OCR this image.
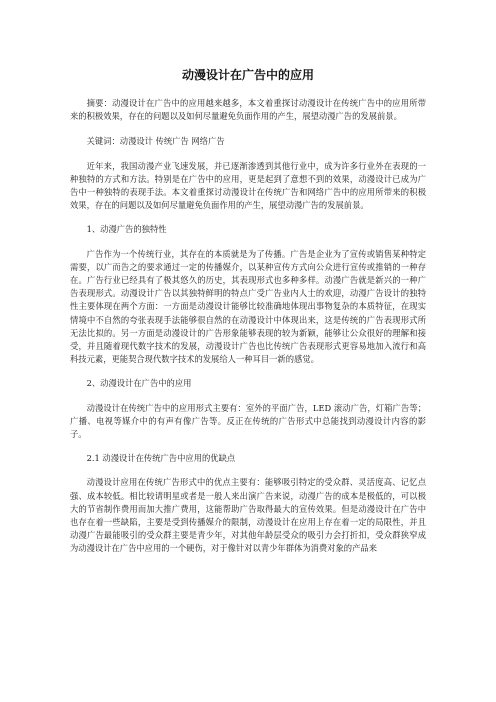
动漫设计在广告中的应用

摘要：动漫设计在广告中的应用越来越多，本文着重探讨动漫设计在传统广告中的应用所带来的积极效果，存在的问题以及如何尽量避免负面作用的产生，展望动漫广告的发展前景。

关键词：动漫设计 传统广告 网络广告

近年来，我国动漫产业飞速发展，并已逐渐渗透到其他行业中，成为许多行业外在表现的一种独特的方式和方法。特别是在广告中的应用，更是起到了意想不到的效果，动漫设计已成为广告中一种独特的表现手法。本文着重探讨动漫设计在传统广告和网络广告中的应用所带来的积极效果，存在的问题以及如何尽量避免负面作用的产生，展望动漫广告的发展前景。

1、动漫广告的独特性

广告作为一个传统行业，其存在的本质就是为了传播。广告是企业为了宣传或销售某种特定需要，以广而告之的要求通过一定的传播媒介，以某种宣传方式向公众进行宣传或推销的一种存在。广告行业已经具有了极其悠久的历史，其表现形式也多种多样。动漫广告就是新兴的一种广告表现形式。动漫设计广告以其独特鲜明的特点广受广告业内人士的欢迎，动漫广告设计的独特性主要体现在两个方面：一方面是动漫设计能够比较准确地体现出事物复杂的本质特征，在现实情境中不自然的夸张表现手法能够很自然的在动漫设计中体现出来，这是传统的广告表现形式所无法比拟的。另一方面是动漫设计的广告形象能够表现的较为新颖，能够让公众很好的理解和接受，并且随着现代数字技术的发展，动漫设计广告也比传统广告表现形式更容易地加入流行和高科技元素，更能契合现代数字技术的发展给人一种耳目一新的感觉。

2、动漫设计在广告中的应用

动漫设计在传统广告中的应用形式主要有：室外的平面广告，LED 滚动广告，灯箱广告等；广播、电视等媒介中的有声有像广告等。反正在传统的广告形式中总能找到动漫设计内容的影子。

2.1 动漫设计在传统广告中应用的优缺点

动漫设计应用在传统广告形式中的优点主要有：能够吸引特定的受众群、灵活度高、记忆点强、成本较低。相比较请明星或者是一般人来出演广告来说，动漫广告的成本是极低的，可以极大的节省制作费用而加大推广费用，这能帮助广告取得最大的宣传效果。但是动漫设计在广告中也存在着一些缺陷，主要是受到传播媒介的限制，动漫设计在应用上存在着一定的局限性，并且动漫广告最能吸引的受众群主要是青少年，对其他年龄层受众的吸引力会打折扣，受众群狭窄成为动漫设计在广告中应用的一个硬伤，对于像针对以青少年群体为消费对象的产品来
